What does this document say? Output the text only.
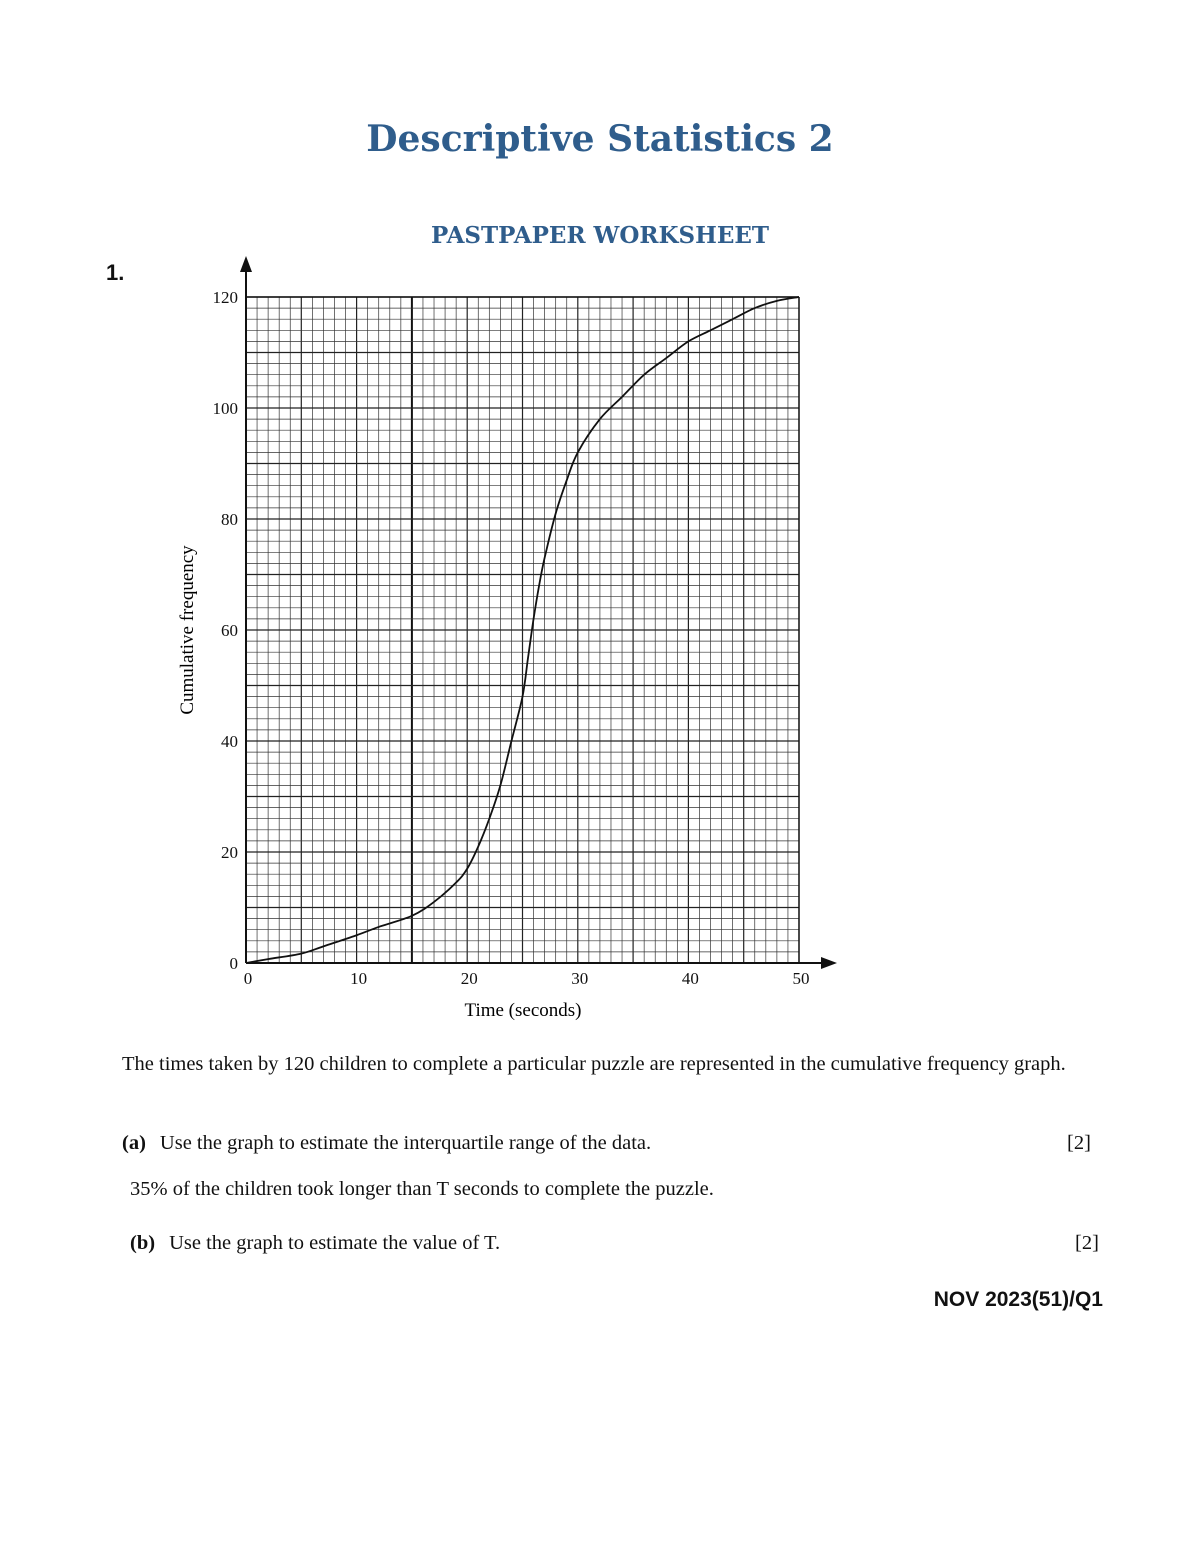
Descriptive Statistics 2
PASTPAPER WORKSHEET
1.
0	10	20	30	40	50
0
20
40
60
80
100
120
Time (seconds)
Cumulative frequency
The times taken by 120 children to complete a particular puzzle are represented in the cumulative frequency graph.
(a) Use the graph to estimate the interquartile range of the data.	[2]
35% of the children took longer than T seconds to complete the puzzle.
(b) Use the graph to estimate the value of T.	[2]
NOV 2023(51)/Q1
